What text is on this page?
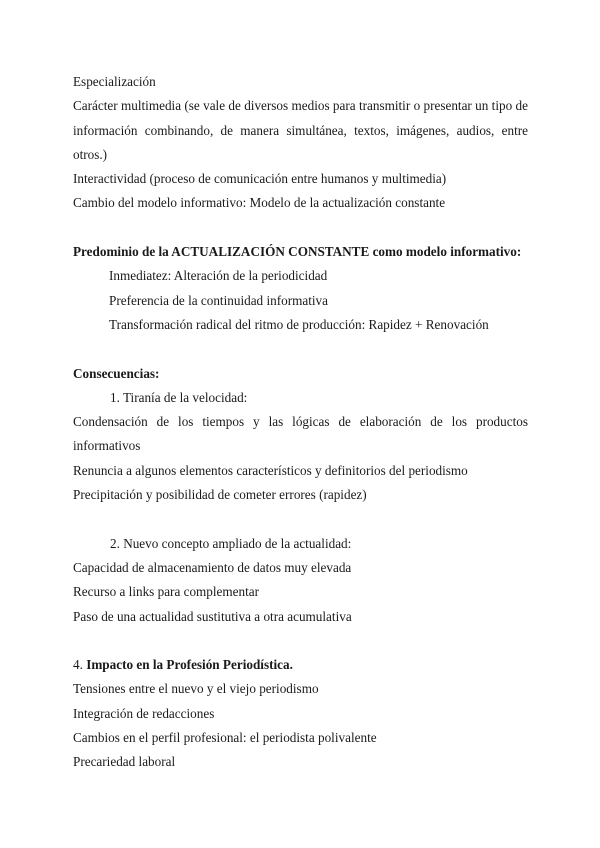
Especialización

Carácter multimedia (se vale de diversos medios para transmitir o presentar un tipo de información combinando, de manera simultánea, textos, imágenes, audios, entre otros.)

Interactividad (proceso de comunicación entre humanos y multimedia)

Cambio del modelo informativo: Modelo de la actualización constante

Predominio de la ACTUALIZACIÓN CONSTANTE como modelo informativo:

Inmediatez: Alteración de la periodicidad

Preferencia de la continuidad informativa

Transformación radical del ritmo de producción: Rapidez + Renovación

Consecuencias:

1. Tiranía de la velocidad:

Condensación de los tiempos y las lógicas de elaboración de los productos informativos

Renuncia a algunos elementos característicos y definitorios del periodismo

Precipitación y posibilidad de cometer errores (rapidez)

2. Nuevo concepto ampliado de la actualidad:

Capacidad de almacenamiento de datos muy elevada

Recurso a links para complementar

Paso de una actualidad sustitutiva a otra acumulativa

4. Impacto en la Profesión Periodística.

Tensiones entre el nuevo y el viejo periodismo

Integración de redacciones

Cambios en el perfil profesional: el periodista polivalente

Precariedad laboral
